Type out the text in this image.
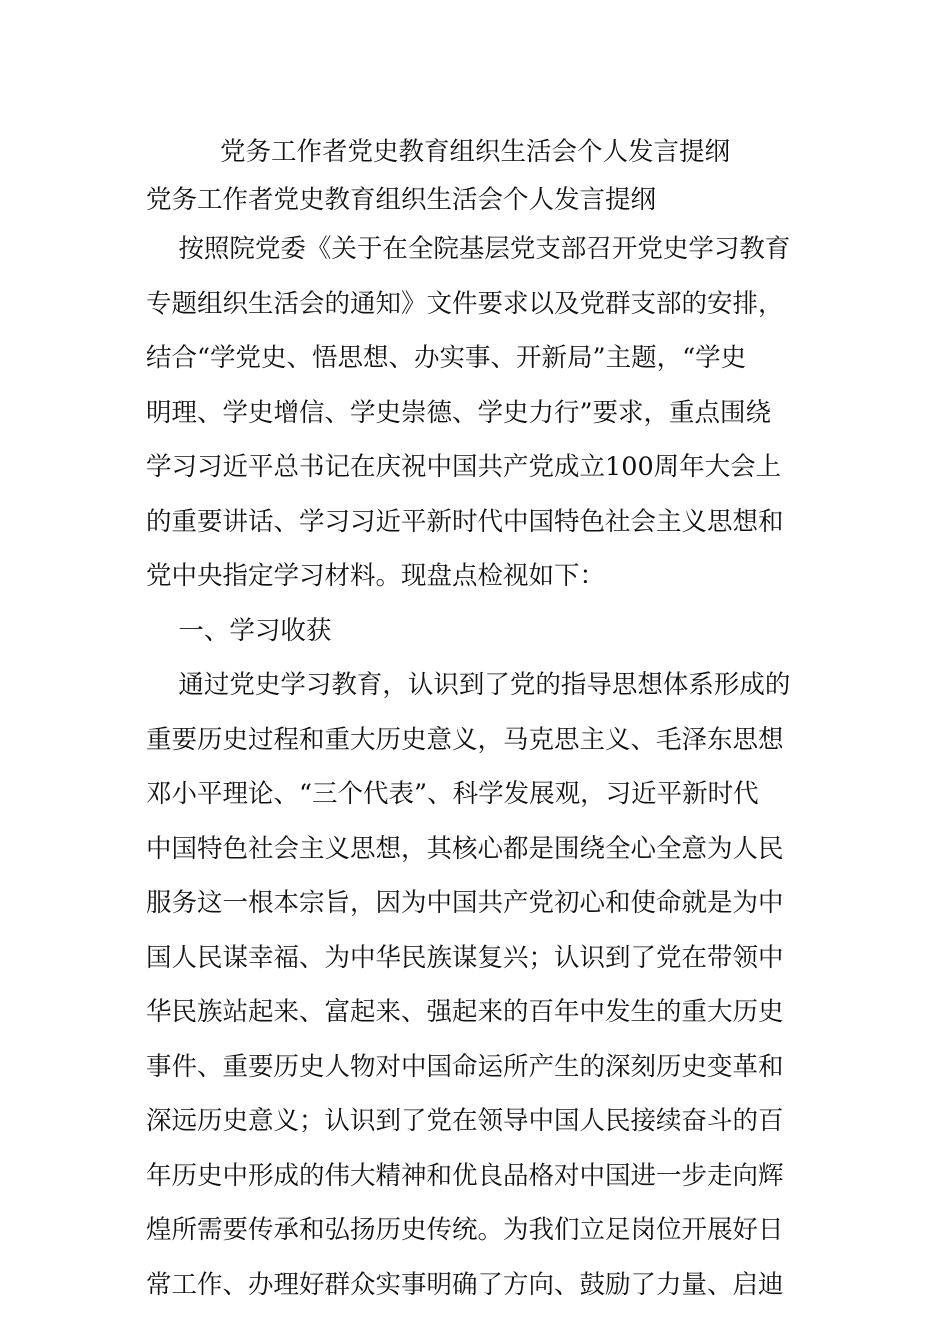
党务工作者党史教育组织生活会个人发言提纲
党务工作者党史教育组织生活会个人发言提纲
按照院党委《关于在全院基层党支部召开党史学习教育
专题组织生活会的通知》文件要求以及党群支部的安排，
结合“学党史、悟思想、办实事、开新局”主题，“学史
明理、学史增信、学史崇德、学史力行”要求，重点围绕
学习习近平总书记在庆祝中国共产党成立100周年大会上
的重要讲话、学习习近平新时代中国特色社会主义思想和
党中央指定学习材料。现盘点检视如下：
一、学习收获
通过党史学习教育，认识到了党的指导思想体系形成的
重要历史过程和重大历史意义，马克思主义、毛泽东思想
邓小平理论、“三个代表”、科学发展观，习近平新时代
中国特色社会主义思想，其核心都是围绕全心全意为人民
服务这一根本宗旨，因为中国共产党初心和使命就是为中
国人民谋幸福、为中华民族谋复兴；认识到了党在带领中
华民族站起来、富起来、强起来的百年中发生的重大历史
事件、重要历史人物对中国命运所产生的深刻历史变革和
深远历史意义；认识到了党在领导中国人民接续奋斗的百
年历史中形成的伟大精神和优良品格对中国进一步走向辉
煌所需要传承和弘扬历史传统。为我们立足岗位开展好日
常工作、办理好群众实事明确了方向、鼓励了力量、启迪
